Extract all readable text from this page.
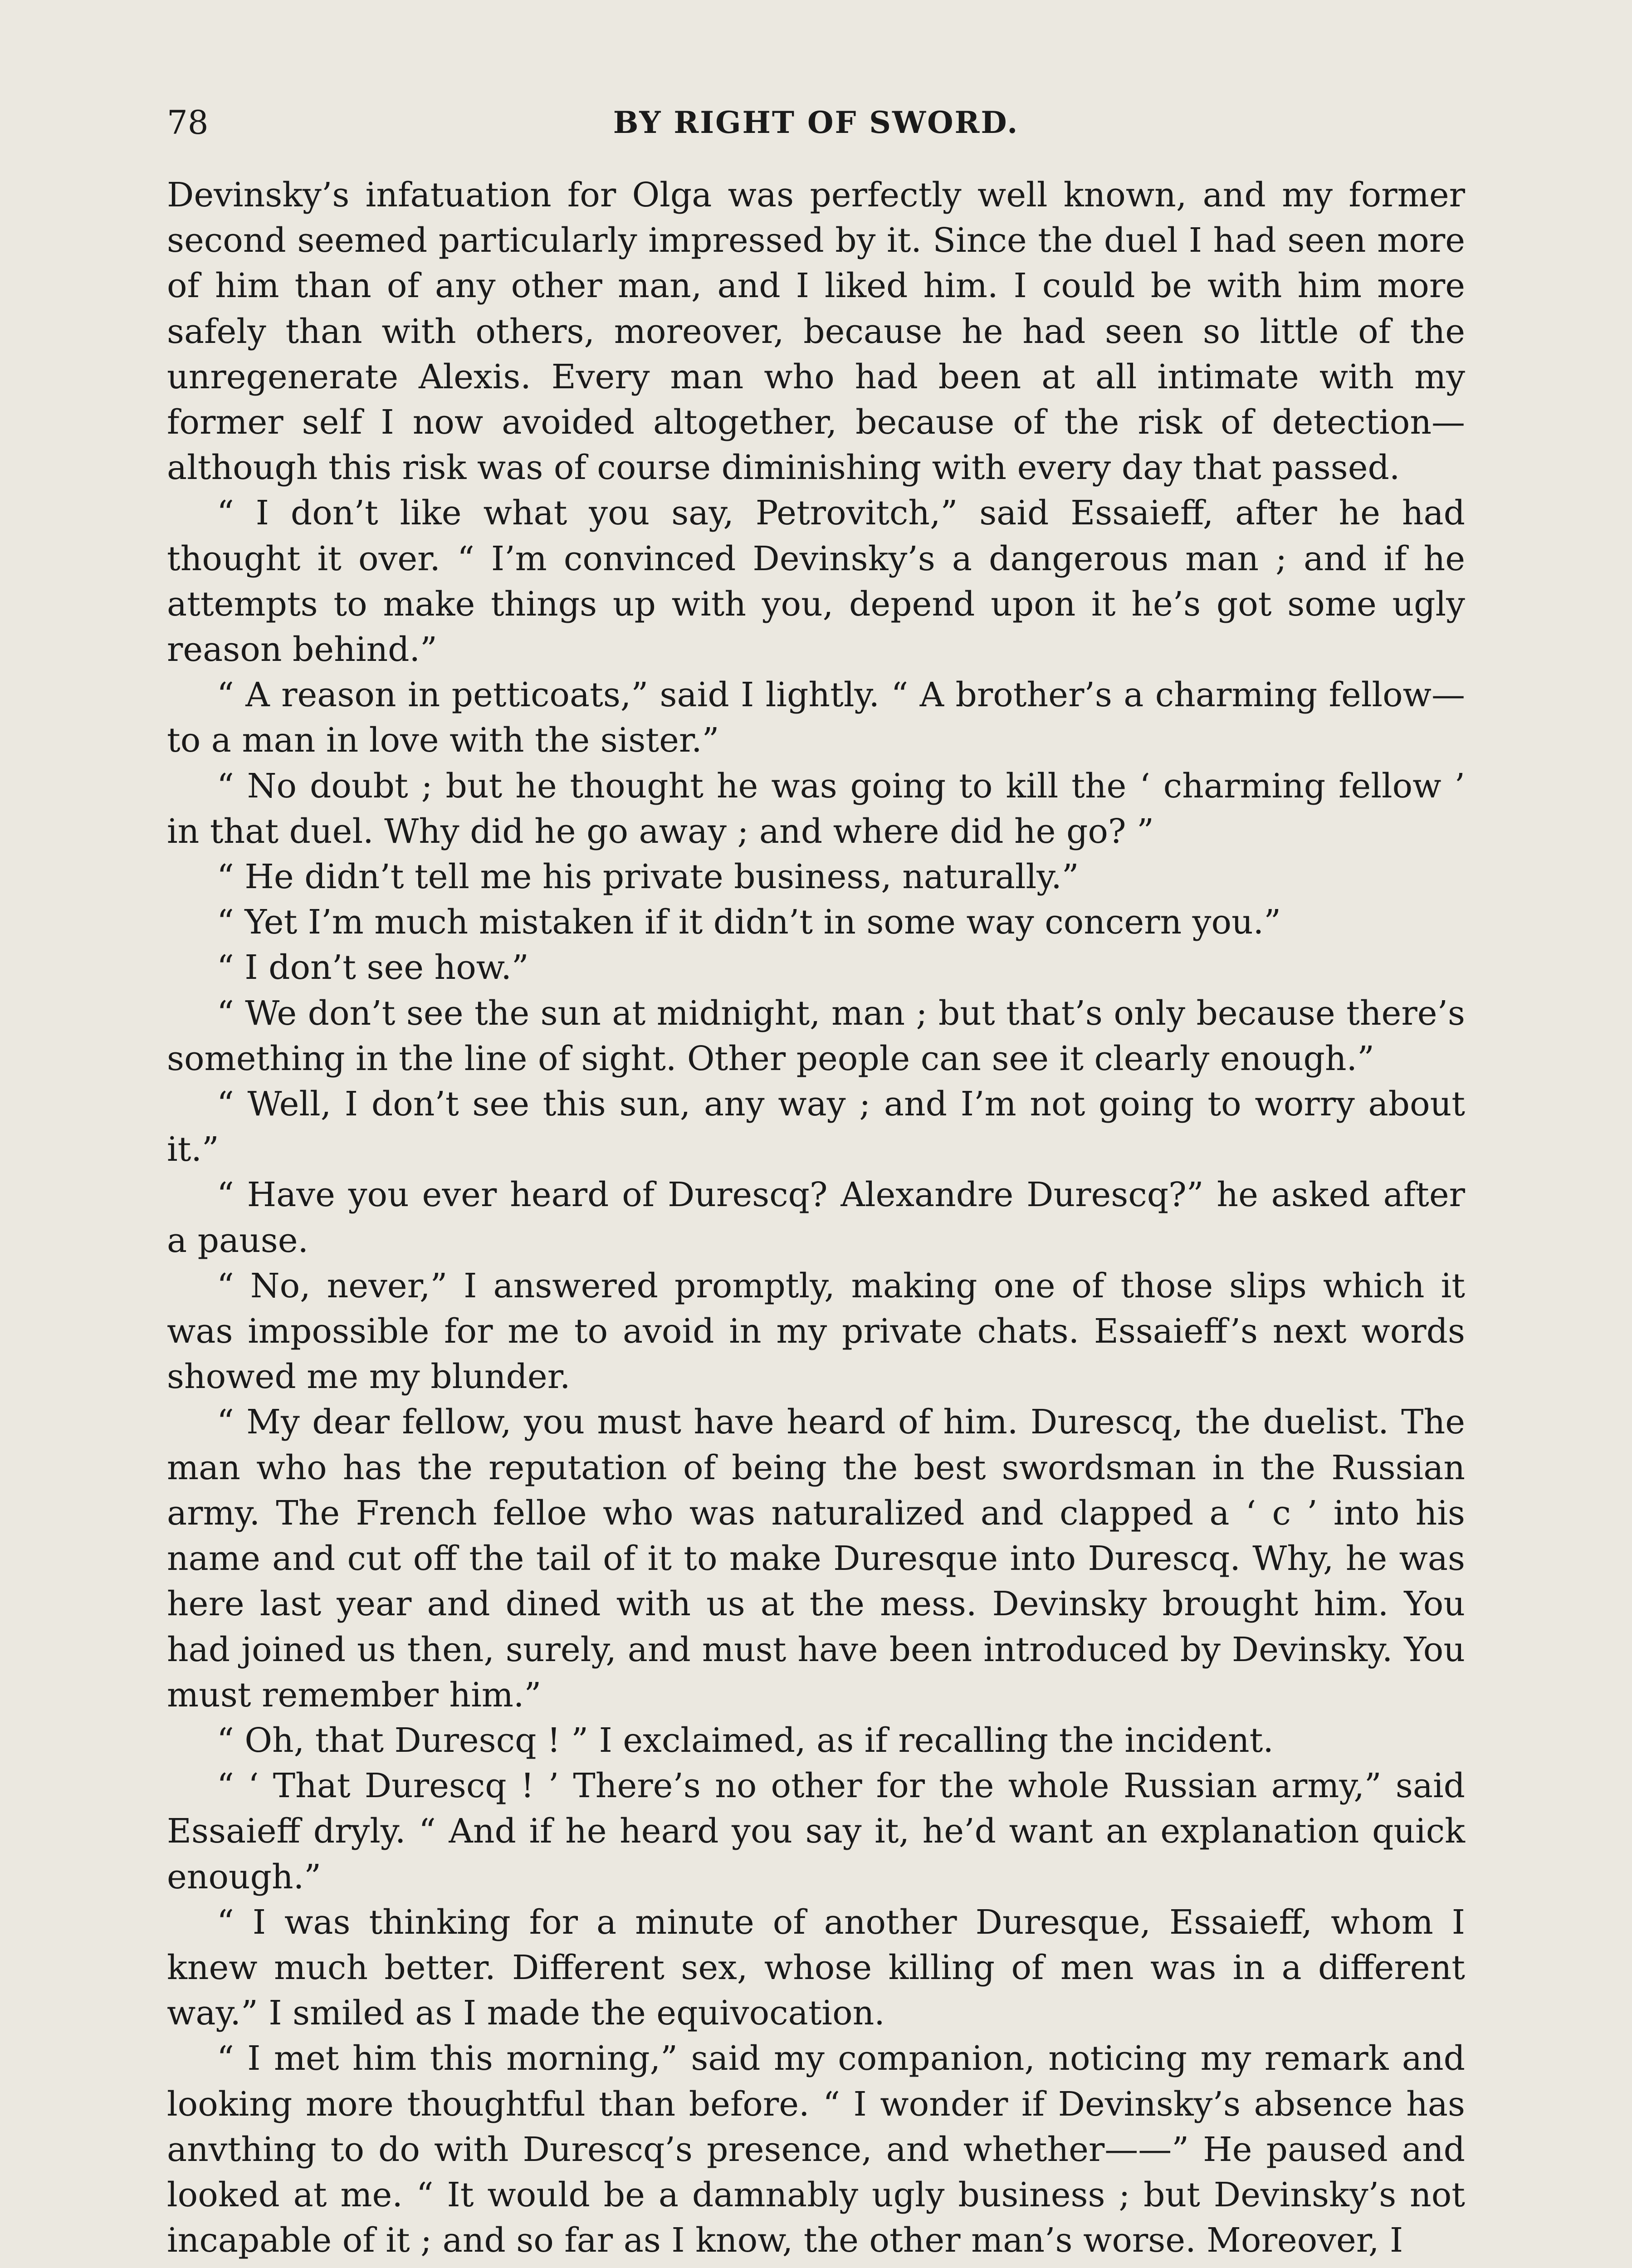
78	BY RIGHT OF SWORD.

Devinsky’s infatuation for Olga was perfectly well known, and my former second seemed particularly impressed by it. Since the duel I had seen more of him than of any other man, and I liked him. I could be with him more safely than with others, moreover, because he had seen so little of the unregenerate Alexis. Every man who had been at all intimate with my former self I now avoided altogether, because of the risk of detection—although this risk was of course diminishing with every day that passed.

“ I don’t like what you say, Petrovitch,” said Essaieff, after he had thought it over. “ I’m convinced Devinsky’s a dangerous man ; and if he attempts to make things up with you, depend upon it he’s got some ugly reason behind.”

“ A reason in petticoats,” said I lightly. “ A brother’s a charming fellow—to a man in love with the sister.”

“ No doubt ; but he thought he was going to kill the ‘ charming fellow ’ in that duel. Why did he go away ; and where did he go? ”

“ He didn’t tell me his private business, naturally.”

“ Yet I’m much mistaken if it didn’t in some way concern you.”

“ I don’t see how.”

“ We don’t see the sun at midnight, man ; but that’s only because there’s something in the line of sight. Other people can see it clearly enough.”

“ Well, I don’t see this sun, any way ; and I’m not going to worry about it.”

“ Have you ever heard of Durescq? Alexandre Durescq?” he asked after a pause.

“ No, never,” I answered promptly, making one of those slips which it was impossible for me to avoid in my private chats. Essaieff’s next words showed me my blunder.

“ My dear fellow, you must have heard of him. Durescq, the duelist. The man who has the reputation of being the best swordsman in the Russian army. The French felloe who was naturalized and clapped a ‘ c ’ into his name and cut off the tail of it to make Duresque into Durescq. Why, he was here last year and dined with us at the mess. Devinsky brought him. You had joined us then, surely, and must have been introduced by Devinsky. You must remember him.”

“ Oh, that Durescq ! ” I exclaimed, as if recalling the incident.

“ ‘ That Durescq ! ’ There’s no other for the whole Russian army,” said Essaieff dryly. “ And if he heard you say it, he’d want an explanation quick enough.”

“ I was thinking for a minute of another Duresque, Essaieff, whom I knew much better. Different sex, whose killing of men was in a different way.” I smiled as I made the equivocation.

“ I met him this morning,” said my companion, noticing my remark and looking more thoughtful than before. “ I wonder if Devinsky’s absence has anvthing to do with Durescq’s presence, and whether——” He paused and looked at me. “ It would be a damnably ugly business ; but Devinsky’s not incapable of it ; and so far as I know, the other man’s worse. Moreover, I
